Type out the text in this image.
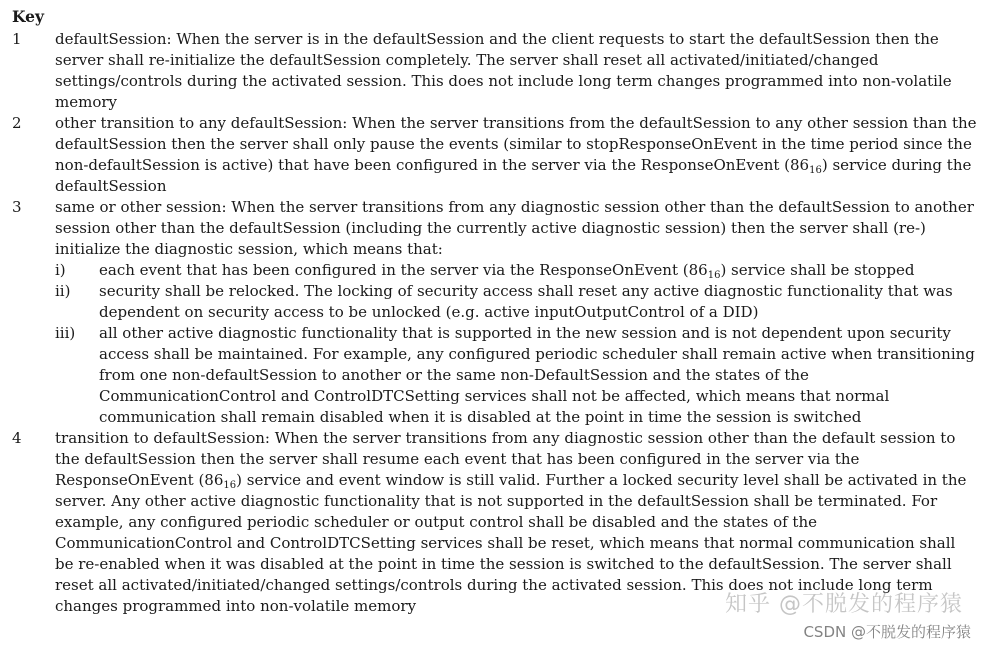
Key
1	defaultSession: When the server is in the defaultSession and the client requests to start the defaultSession then the server shall re-initialize the defaultSession completely. The server shall reset all activated/initiated/changed settings/controls during the activated session. This does not include long term changes programmed into non-volatile memory
2	other transition to any defaultSession: When the server transitions from the defaultSession to any other session than the defaultSession then the server shall only pause the events (similar to stopResponseOnEvent in the time period since the non-defaultSession is active) that have been configured in the server via the ResponseOnEvent $(86_{16})$ service during the defaultSession
3	same or other session: When the server transitions from any diagnostic session other than the defaultSession to another session other than the defaultSession (including the currently active diagnostic session) then the server shall (re-) initialize the diagnostic session, which means that:
i)	each event that has been configured in the server via the ResponseOnEvent $(86_{16})$ service shall be stopped
ii)	security shall be relocked. The locking of security access shall reset any active diagnostic functionality that was dependent on security access to be unlocked (e.g. active inputOutputControl of a DID)
iii)	all other active diagnostic functionality that is supported in the new session and is not dependent upon security access shall be maintained. For example, any configured periodic scheduler shall remain active when transitioning from one non-defaultSession to another or the same non-DefaultSession and the states of the CommunicationControl and ControlDTCSetting services shall not be affected, which means that normal communication shall remain disabled when it is disabled at the point in time the session is switched
4	transition to defaultSession: When the server transitions from any diagnostic session other than the default session to the defaultSession then the server shall resume each event that has been configured in the server via the ResponseOnEvent $(86_{16})$ service and event window is still valid. Further a locked security level shall be activated in the server. Any other active diagnostic functionality that is not supported in the defaultSession shall be terminated. For example, any configured periodic scheduler or output control shall be disabled and the states of the CommunicationControl and ControlDTCSetting services shall be reset, which means that normal communication shall be re-enabled when it was disabled at the point in time the session is switched to the defaultSession. The server shall reset all activated/initiated/changed settings/controls during the activated session. This does not include long term changes programmed into non-volatile memory	知乎 @不脱发的程序猿
CSDN @不脱发的程序猿
